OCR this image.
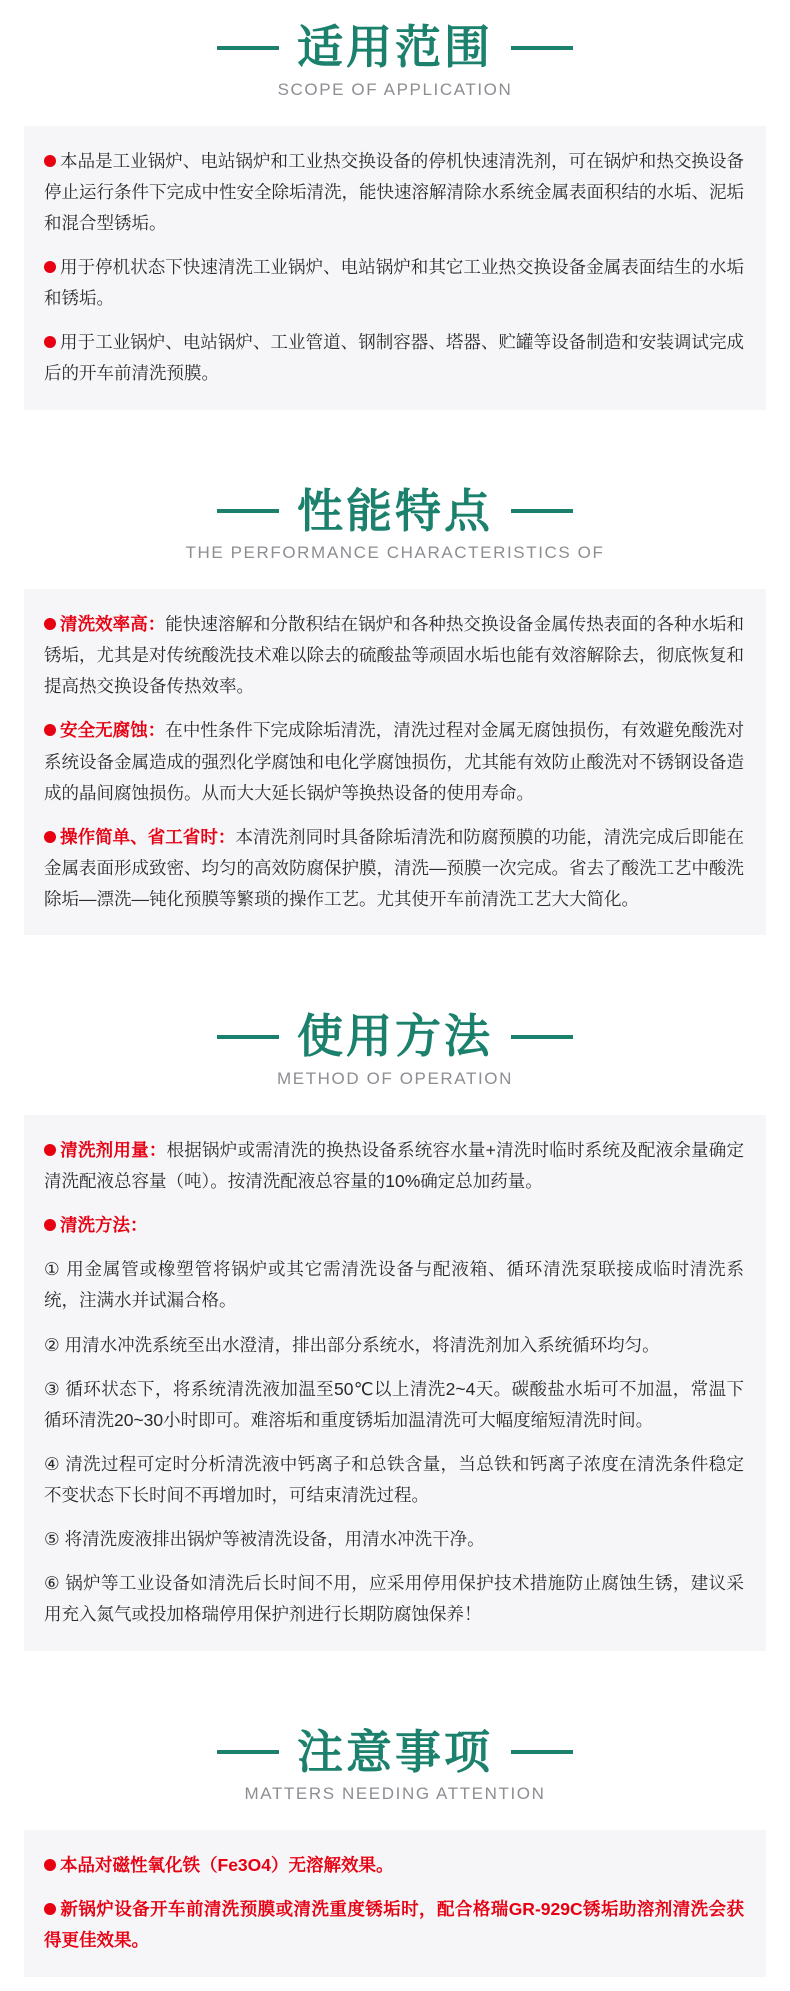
适用范围
SCOPE OF APPLICATION

本品是工业锅炉、电站锅炉和工业热交换设备的停机快速清洗剂，可在锅炉和热交换设备停止运行条件下完成中性安全除垢清洗，能快速溶解清除水系统金属表面积结的水垢、泥垢和混合型锈垢。

用于停机状态下快速清洗工业锅炉、电站锅炉和其它工业热交换设备金属表面结生的水垢和锈垢。

用于工业锅炉、电站锅炉、工业管道、钢制容器、塔器、贮罐等设备制造和安装调试完成后的开车前清洗预膜。

性能特点
THE PERFORMANCE CHARACTERISTICS OF

清洗效率高：能快速溶解和分散积结在锅炉和各种热交换设备金属传热表面的各种水垢和锈垢，尤其是对传统酸洗技术难以除去的硫酸盐等顽固水垢也能有效溶解除去，彻底恢复和提高热交换设备传热效率。

安全无腐蚀：在中性条件下完成除垢清洗，清洗过程对金属无腐蚀损伤，有效避免酸洗对系统设备金属造成的强烈化学腐蚀和电化学腐蚀损伤，尤其能有效防止酸洗对不锈钢设备造成的晶间腐蚀损伤。从而大大延长锅炉等换热设备的使用寿命。

操作简单、省工省时：本清洗剂同时具备除垢清洗和防腐预膜的功能，清洗完成后即能在金属表面形成致密、均匀的高效防腐保护膜，清洗—预膜一次完成。省去了酸洗工艺中酸洗除垢—漂洗—钝化预膜等繁琐的操作工艺。尤其使开车前清洗工艺大大简化。

使用方法
METHOD OF OPERATION

清洗剂用量：根据锅炉或需清洗的换热设备系统容水量+清洗时临时系统及配液余量确定清洗配液总容量（吨）。按清洗配液总容量的10%确定总加药量。

清洗方法：

① 用金属管或橡塑管将锅炉或其它需清洗设备与配液箱、循环清洗泵联接成临时清洗系统，注满水并试漏合格。

② 用清水冲洗系统至出水澄清，排出部分系统水，将清洗剂加入系统循环均匀。

③ 循环状态下，将系统清洗液加温至50℃以上清洗2~4天。碳酸盐水垢可不加温，常温下循环清洗20~30小时即可。难溶垢和重度锈垢加温清洗可大幅度缩短清洗时间。

④ 清洗过程可定时分析清洗液中钙离子和总铁含量，当总铁和钙离子浓度在清洗条件稳定不变状态下长时间不再增加时，可结束清洗过程。

⑤ 将清洗废液排出锅炉等被清洗设备，用清水冲洗干净。

⑥ 锅炉等工业设备如清洗后长时间不用，应采用停用保护技术措施防止腐蚀生锈，建议采用充入氮气或投加格瑞停用保护剂进行长期防腐蚀保养！

注意事项
MATTERS NEEDING ATTENTION

本品对磁性氧化铁（Fe3O4）无溶解效果。

新锅炉设备开车前清洗预膜或清洗重度锈垢时，配合格瑞GR-929C锈垢助溶剂清洗会获得更佳效果。
